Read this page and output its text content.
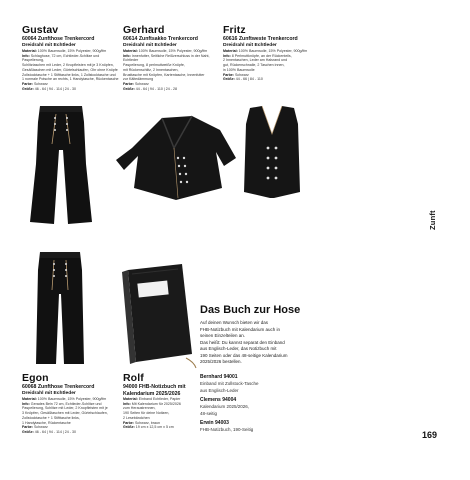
Gustav
60064 Zunfthose Trenkercord
Dreidrahl mit Echtleder
Material: 100% Baumwolle, 15% Polyester, 900g/lfm
Info: Schlaghose, 72 cm, Echtleder-Schlitze und Paspelierung,
Schlitztaschen mit Leder, 2 Knopfleisten mit je 3 Knöpfen,
Gesäßtaschen mit Leder, Gürtelschlaufen, Ohr ohne Knöpfe
Zollstocktasche + 1 Stifttasche links, 1 Zollstocktasche und
1 normale Potsche an rechts, 1 Handytasche, Rückentasche
Farbe: Schwarz
Größe: 46 - 64 | 94 - 114 | 24 - 30
Gerhard
60614 Zunftsakko Trenkercord
Dreidrahl mit Echtleder
Material: 100% Baumwolle, 15% Polyester, 900g/lfm
Info: Innenfutter, Seitliche Reißverschluss in der Naht, Echtleder
Paspelierung, 8 perlmuttweiße Knöpfe,
mit Rückenschlitz, 2 Innentaschen,
Brusttasche mit Knöpfen, Kartentasche, Innenfutter
zur Kältedämmung
Farbe: Schwarz
Größe: 44 - 64 | 94 - 110 | 24 - 28
Fritz
60616 Zunftweste Trenkercord
Dreidrahl mit Echtleder
Material: 100% Baumwolle, 15% Polyester, 900g/lfm
Info: 8 Perlmuttknöpfe, an der Rückenteils,
2 Innentaschen, Leder am Halsrand und
gut, Rückenschnalle, 2 Taschen innen,
in 100% Baumwolle
Farbe: Schwarz
Größe: 44 - 66 | 84 - 110
Zunft
Das Buch zur Hose
Auf deinen Wunsch bieten wir das
FHB-Notizbuch mit Kalendarium auch in
seinen Einzelteilen an.
Das heißt: Du kannst separat den Einband
aus Englisch-Leder, das Notizbuch mit
190 Seiten oder das 48-seitige Kalendarium
2025/2026 bestellen.
Bernhard 94001
Einband mit Zollstock-Tasche
aus Englisch-Leder
Clemens 94004
Kalendarium 2025/2026,
48-seitig
Erwin 94003
FHB-Notizbuch, 190-Seitig
Egon
60068 Zunfthose Trenkercord
Dreidrahl mit Echtleder
Material: 100% Baumwolle, 15% Polyester, 900g/lfm
Info: Gerades Bein 72 cm, Echtleder-Schlitze und
Paspelierung, Schlitze mit Leder, 2 Knopfleisten mit je
3 Knöpfen, Gesäßtaschen mit Leder, Gürtelschlaufen,
Zollstocktasche + 1 Stifttasche links,
1 Handytasche, Rückentasche
Farbe: Schwarz
Größe: 46 - 64 | 94 - 114 | 24 - 30
Rolf
94000 FHB-Notizbuch mit
Kalendarium 2025/2026
Material: Einband Echtleder, Papier
Info: Mit Kalendarium für 2025/2026
zum Heraustrennen,
190 Seiten für deine Notizen,
2 Lesebändchen
Farbe: Schwarz, braun
Größe: 19 cm x 12,5 cm x 5 cm
169
